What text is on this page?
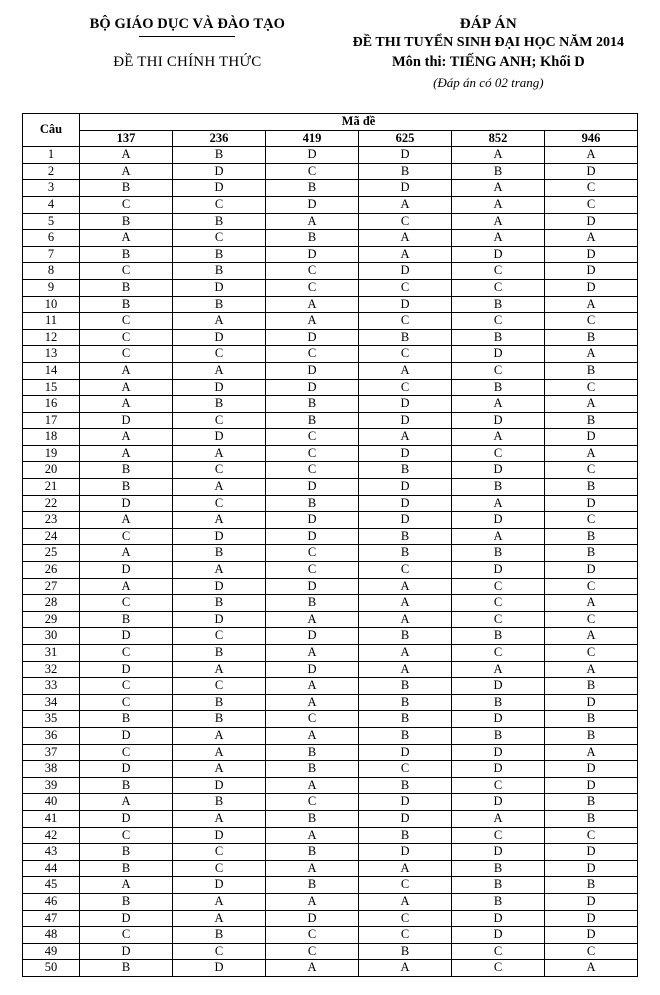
BỘ GIÁO DỤC VÀ ĐÀO TẠO
ĐỀ THI CHÍNH THỨC
ĐÁP ÁN
ĐỀ THI TUYỂN SINH ĐẠI HỌC NĂM 2014
Môn thi: TIẾNG ANH; Khối D
(Đáp án có 02 trang)
Câu	Mã đề					
	137	236	419	625	852	946
1	A	B	D	D	A	A
2	A	D	C	B	B	D
3	B	D	B	D	A	C
4	C	C	D	A	A	C
5	B	B	A	C	A	D
6	A	C	B	A	A	A
7	B	B	D	A	D	D
8	C	B	C	D	C	D
9	B	D	C	C	C	D
10	B	B	A	D	B	A
11	C	A	A	C	C	C
12	C	D	D	B	B	B
13	C	C	C	C	D	A
14	A	A	D	A	C	B
15	A	D	D	C	B	C
16	A	B	B	D	A	A
17	D	C	B	D	D	B
18	A	D	C	A	A	D
19	A	A	C	D	C	A
20	B	C	C	B	D	C
21	B	A	D	D	B	B
22	D	C	B	D	A	D
23	A	A	D	D	D	C
24	C	D	D	B	A	B
25	A	B	C	B	B	B
26	D	A	C	C	D	D
27	A	D	D	A	C	C
28	C	B	B	A	C	A
29	B	D	A	A	C	C
30	D	C	D	B	B	A
31	C	B	A	A	C	C
32	D	A	D	A	A	A
33	C	C	A	B	D	B
34	C	B	A	B	B	D
35	B	B	C	B	D	B
36	D	A	A	B	B	B
37	C	A	B	D	D	A
38	D	A	B	C	D	D
39	B	D	A	B	C	D
40	A	B	C	D	D	B
41	D	A	B	D	A	B
42	C	D	A	B	C	C
43	B	C	B	D	D	D
44	B	C	A	A	B	D
45	A	D	B	C	B	B
46	B	A	A	A	B	D
47	D	A	D	C	D	D
48	C	B	C	C	D	D
49	D	C	C	B	C	C
50	B	D	A	A	C	A
